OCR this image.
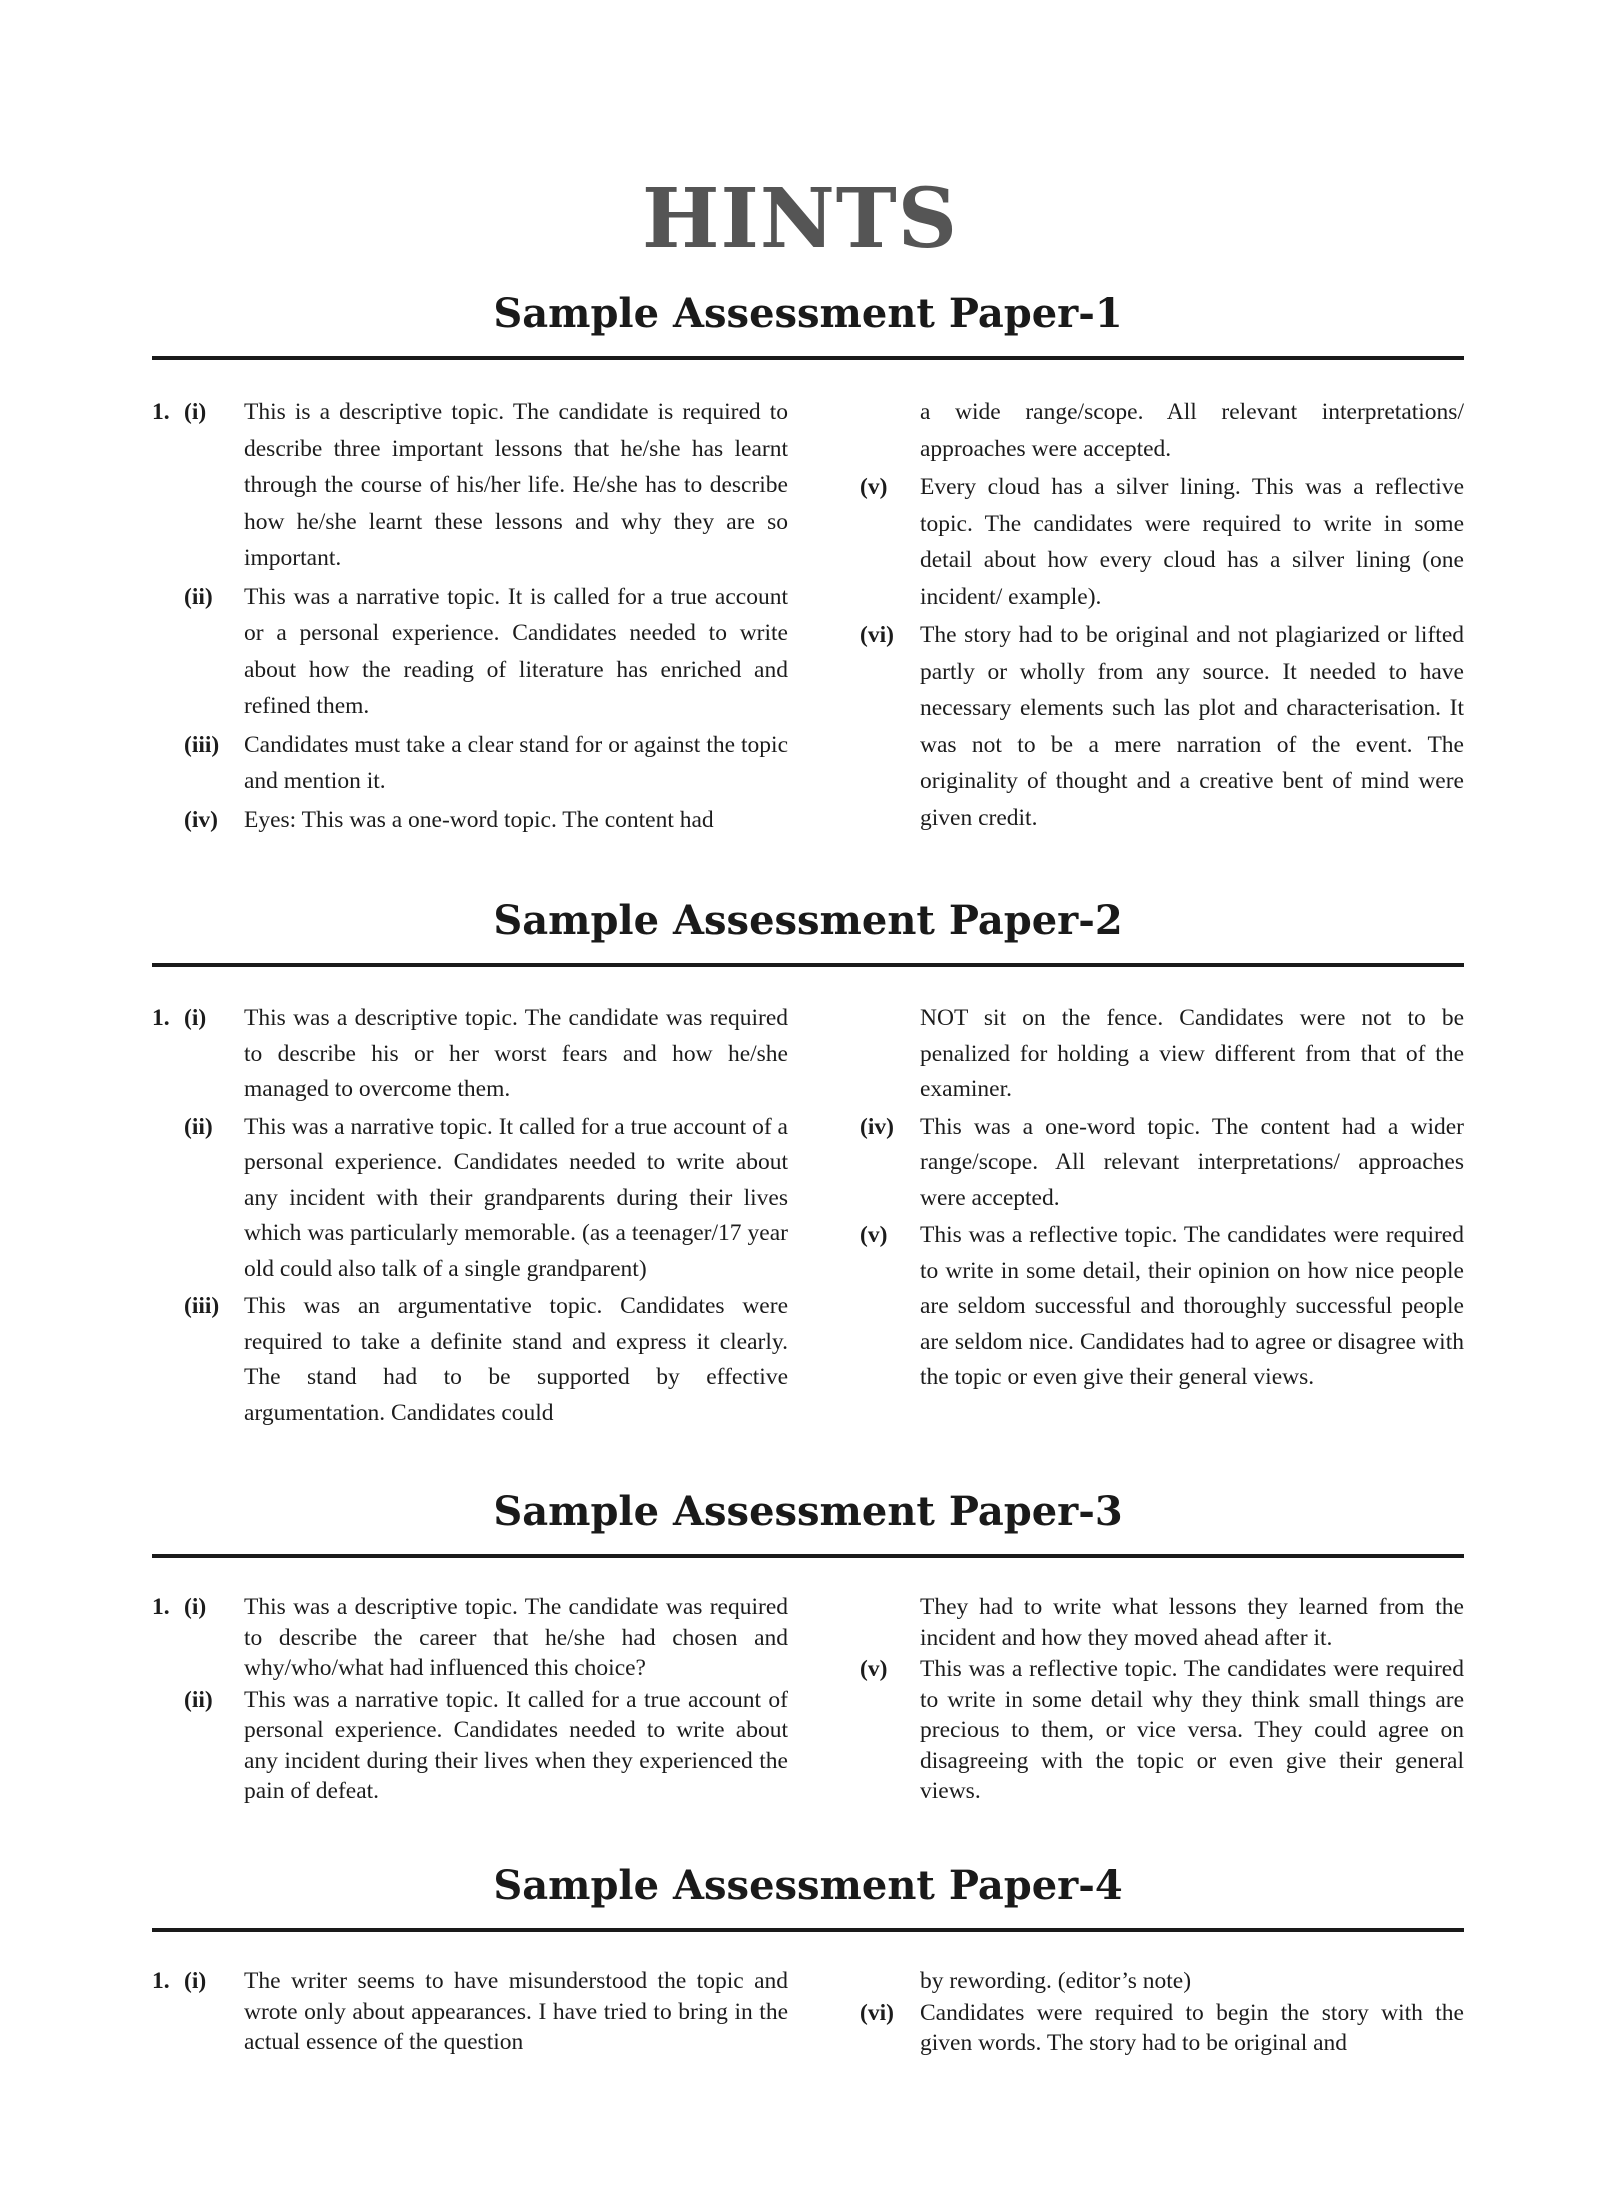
HINTS
Sample Assessment Paper-1
1. (i)	This is a descriptive topic. The candidate is required to describe three important lessons that he/she has learnt through the course of his/her life. He/she has to describe how he/she learnt these lessons and why they are so important.
(ii)	This was a narrative topic. It is called for a true account or a personal experience. Candidates needed to write about how the reading of literature has enriched and refined them.
(iii)	Candidates must take a clear stand for or against the topic and mention it.
(iv)	Eyes: This was a one-word topic. The content had
a wide range/scope. All relevant interpretations/ approaches were accepted.
(v)	Every cloud has a silver lining. This was a reflective topic. The candidates were required to write in some detail about how every cloud has a silver lining (one incident/ example).
(vi)	The story had to be original and not plagiarized or lifted partly or wholly from any source. It needed to have necessary elements such las plot and characterisation. It was not to be a mere narration of the event. The originality of thought and a creative bent of mind were given credit.
Sample Assessment Paper-2
1. (i)	This was a descriptive topic. The candidate was required to describe his or her worst fears and how he/she managed to overcome them.
(ii)	This was a narrative topic. It called for a true account of a personal experience. Candidates needed to write about any incident with their grandparents during their lives which was particularly memorable. (as a teenager/17 year old could also talk of a single grandparent)
(iii)	This was an argumentative topic. Candidates were required to take a definite stand and express it clearly. The stand had to be supported by effective argumentation. Candidates could
NOT sit on the fence. Candidates were not to be penalized for holding a view different from that of the examiner.
(iv)	This was a one-word topic. The content had a wider range/scope. All relevant interpretations/ approaches were accepted.
(v)	This was a reflective topic. The candidates were required to write in some detail, their opinion on how nice people are seldom successful and thoroughly successful people are seldom nice. Candidates had to agree or disagree with the topic or even give their general views.
Sample Assessment Paper-3
1. (i)	This was a descriptive topic. The candidate was required to describe the career that he/she had chosen and why/who/what had influenced this choice?
(ii)	This was a narrative topic. It called for a true account of personal experience. Candidates needed to write about any incident during their lives when they experienced the pain of defeat.
They had to write what lessons they learned from the incident and how they moved ahead after it.
(v)	This was a reflective topic. The candidates were required to write in some detail why they think small things are precious to them, or vice versa. They could agree on disagreeing with the topic or even give their general views.
Sample Assessment Paper-4
1. (i)	The writer seems to have misunderstood the topic and wrote only about appearances. I have tried to bring in the actual essence of the question
by rewording. (editor’s note)
(vi)	Candidates were required to begin the story with the given words. The story had to be original and
